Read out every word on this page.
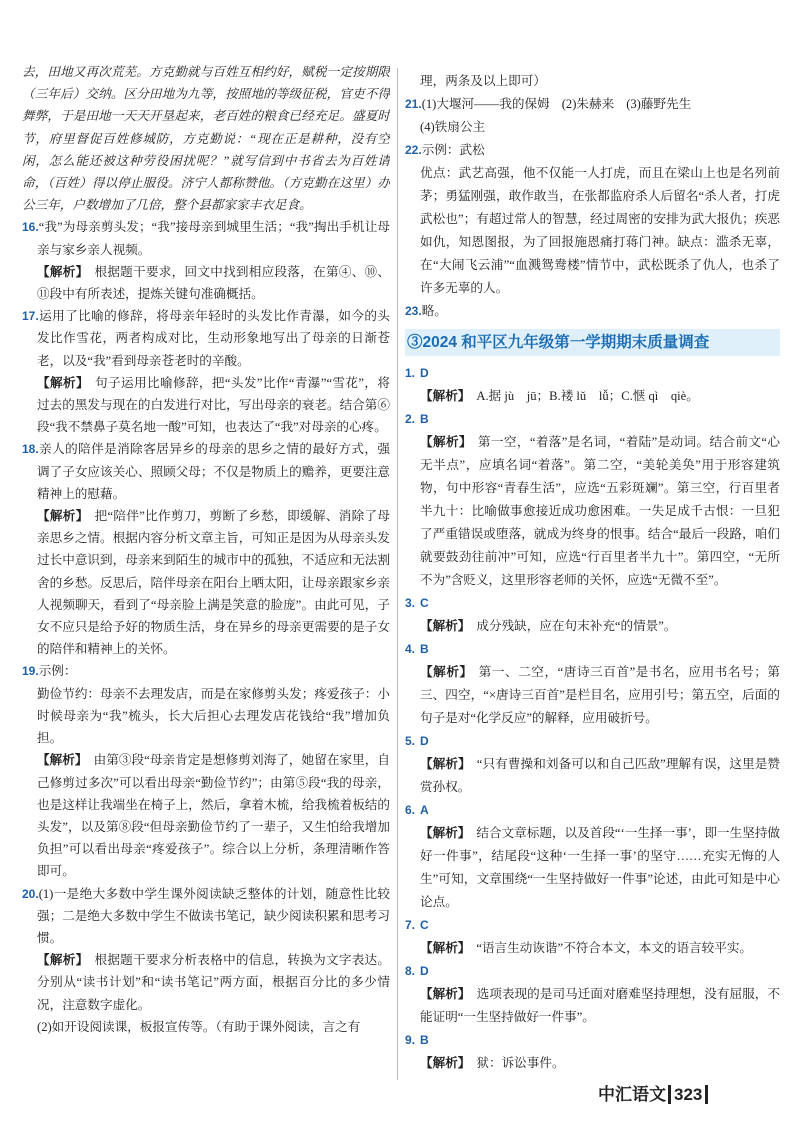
去，田地又再次荒芜。方克勤就与百姓互相约好，赋税一定按期限（三年后）交纳。区分田地为九等，按照地的等级征税，官吏不得舞弊，于是田地一天天开垦起来，老百姓的粮食已经充足。盛夏时节，府里督促百姓修城防，方克勤说：“现在正是耕种，没有空闲，怎么能还被这种劳役困扰呢？”就写信到中书省去为百姓请命，（百姓）得以停止服役。济宁人都称赞他。（方克勤在这里）办公三年，户数增加了几倍，整个县都家家丰衣足食。

16.“我”为母亲剪头发；“我”接母亲到城里生活；“我”掏出手机让母亲与家乡亲人视频。

【解析】 根据题干要求，回文中找到相应段落，在第④、⑩、⑪段中有所表述，提炼关键句准确概括。

17.运用了比喻的修辞，将母亲年轻时的头发比作青瀑，如今的头发比作雪花，两者构成对比，生动形象地写出了母亲的日渐苍老，以及“我”看到母亲苍老时的辛酸。

【解析】 句子运用比喻修辞，把“头发”比作“青瀑”“雪花”，将过去的黑发与现在的白发进行对比，写出母亲的衰老。结合第⑥段“我不禁鼻子莫名地一酸”可知，也表达了“我”对母亲的心疼。

18.亲人的陪伴是消除客居异乡的母亲的思乡之情的最好方式，强调了子女应该关心、照顾父母；不仅是物质上的赡养，更要注意精神上的慰藉。

【解析】 把“陪伴”比作剪刀，剪断了乡愁，即缓解、消除了母亲思乡之情。根据内容分析文章主旨，可知正是因为从母亲头发过长中意识到，母亲来到陌生的城市中的孤独，不适应和无法割舍的乡愁。反思后，陪伴母亲在阳台上晒太阳，让母亲跟家乡亲人视频聊天，看到了“母亲脸上满是笑意的脸庞”。由此可见，子女不应只是给予好的物质生活，身在异乡的母亲更需要的是子女的陪伴和精神上的关怀。

19.示例：

勤俭节约：母亲不去理发店，而是在家修剪头发；疼爱孩子：小时候母亲为“我”梳头，长大后担心去理发店花钱给“我”增加负担。

【解析】 由第③段“母亲肯定是想修剪刘海了，她留在家里，自己修剪过多次”可以看出母亲“勤俭节约”；由第⑤段“我的母亲，也是这样让我端坐在椅子上，然后，拿着木梳，给我梳着板结的头发”，以及第⑧段“但母亲勤俭节约了一辈子，又生怕给我增加负担”可以看出母亲“疼爱孩子”。综合以上分析，条理清晰作答即可。

20.(1)一是绝大多数中学生课外阅读缺乏整体的计划，随意性比较强；二是绝大多数中学生不做读书笔记，缺少阅读积累和思考习惯。

【解析】 根据题干要求分析表格中的信息，转换为文字表达。分别从“读书计划”和“读书笔记”两方面，根据百分比的多少情况，注意数字虚化。

(2)如开设阅读课，板报宣传等。（有助于课外阅读，言之有

理，两条及以上即可）

21.(1)大堰河——我的保姆 (2)朱赫来 (3)藤野先生

(4)铁扇公主

22.示例：武松

优点：武艺高强，他不仅能一人打虎，而且在梁山上也是名列前茅；勇猛刚强，敢作敢当，在张都监府杀人后留名“杀人者，打虎武松也”；有超过常人的智慧，经过周密的安排为武大报仇；疾恶如仇，知恩图报，为了回报施恩痛打蒋门神。缺点：滥杀无辜，在“大闹飞云浦”“血溅鸳鸯楼”情节中，武松既杀了仇人，也杀了许多无辜的人。

23.略。

③2024 和平区九年级第一学期期末质量调查

1. D

【解析】 A.据 jù　jū；B.褛 lǔ　lǚ；C.惬 qì　qiè。

2. B

【解析】 第一空，“着落”是名词，“着陆”是动词。结合前文“心无半点”，应填名词“着落”。第二空，“美轮美奂”用于形容建筑物，句中形容“青春生活”，应选“五彩斑斓”。第三空，行百里者半九十：比喻做事愈接近成功愈困难。一失足成千古恨：一旦犯了严重错误或堕落，就成为终身的恨事。结合“最后一段路，咱们就要鼓劲往前冲”可知，应选“行百里者半九十”。第四空，“无所不为”含贬义，这里形容老师的关怀，应选“无微不至”。

3. C

【解析】 成分残缺，应在句末补充“的情景”。

4. B

【解析】 第一、二空，“唐诗三百首”是书名，应用书名号；第三、四空，“×唐诗三百首”是栏目名，应用引号；第五空，后面的句子是对“化学反应”的解释，应用破折号。

5. D

【解析】 “只有曹操和刘备可以和自己匹敌”理解有误，这里是赞赏孙权。

6. A

【解析】 结合文章标题，以及首段“‘一生择一事’，即一生坚持做好一件事”，结尾段“这种‘一生择一事’的坚守……充实无悔的人生”可知，文章围绕“一生坚持做好一件事”论述，由此可知是中心论点。

7. C

【解析】 “语言生动诙谐”不符合本文，本文的语言较平实。

8. D

【解析】 选项表现的是司马迁面对磨难坚持理想，没有屈服，不能证明“一生坚持做好一件事”。

9. B

【解析】 狱：诉讼事件。

中汇语文 323
